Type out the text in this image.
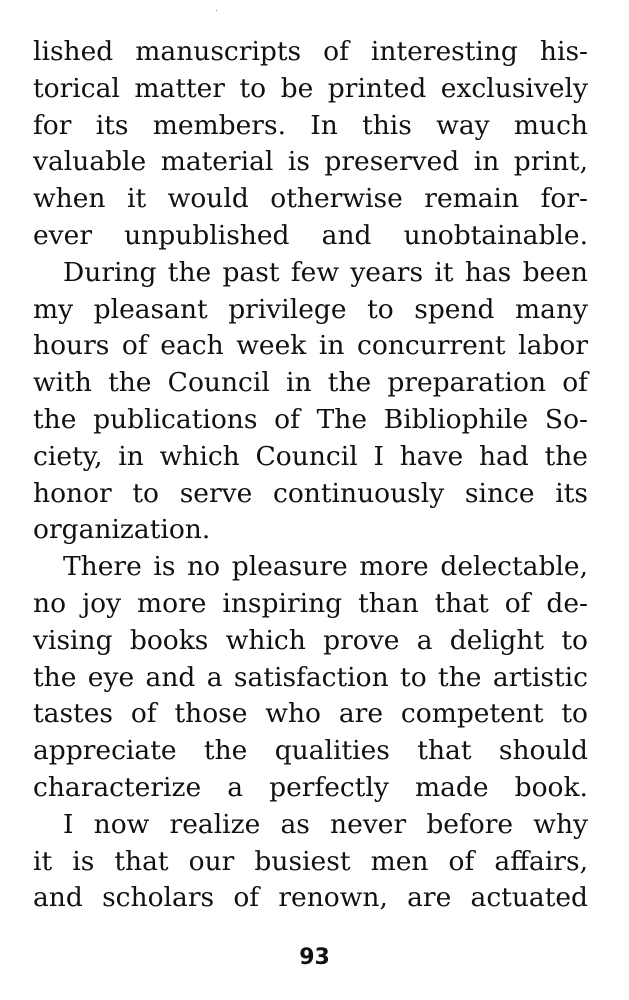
lished manuscripts of interesting his-
torical matter to be printed exclusively
for its members. In this way much
valuable material is preserved in print,
when it would otherwise remain for-
ever unpublished and unobtainable.
During the past few years it has been
my pleasant privilege to spend many
hours of each week in concurrent labor
with the Council in the preparation of
the publications of The Bibliophile So-
ciety, in which Council I have had the
honor to serve continuously since its
organization.
There is no pleasure more delectable,
no joy more inspiring than that of de-
vising books which prove a delight to
the eye and a satisfaction to the artistic
tastes of those who are competent to
appreciate the qualities that should
characterize a perfectly made book.
I now realize as never before why
it is that our busiest men of affairs,
and scholars of renown, are actuated
93
